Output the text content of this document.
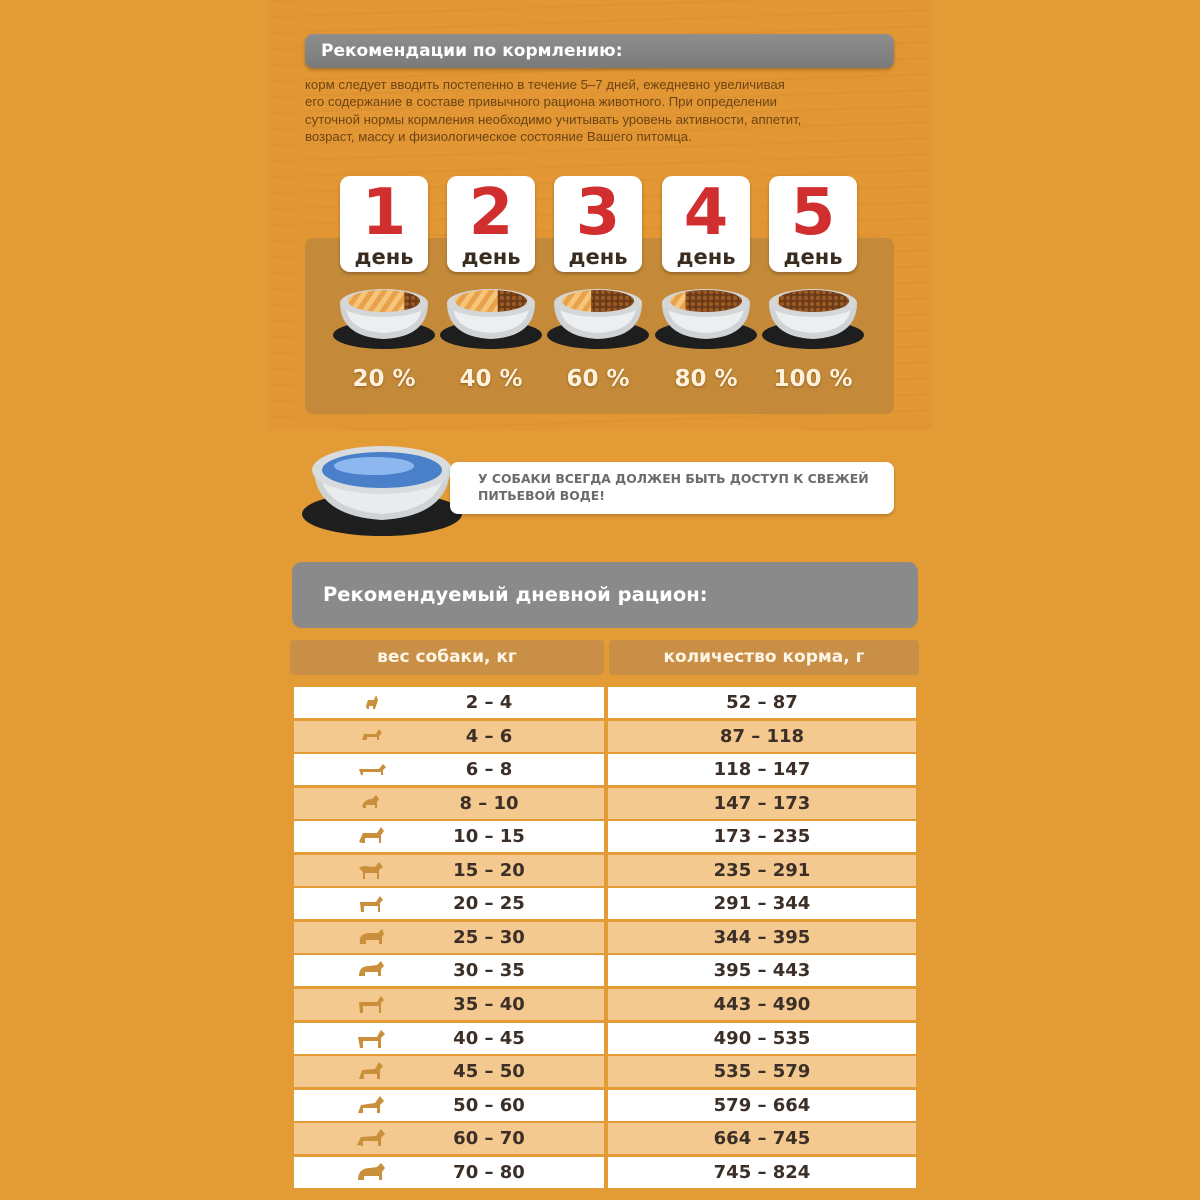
Рекомендации по кормлению:
корм следует вводить постепенно в течение 5–7 дней, ежедневно увеличивая
его содержание в составе привычного рациона животного. При определении
суточной нормы кормления необходимо учитывать уровень активности, аппетит,
возраст, массу и физиологическое состояние Вашего питомца.
1
день
20 %
2
день
40 %
3
день
60 %
4
день
80 %
5
день
100 %
У СОБАКИ ВСЕГДА ДОЛЖЕН БЫТЬ ДОСТУП К СВЕЖЕЙ
ПИТЬЕВОЙ ВОДЕ!
Рекомендуемый дневной рацион:
вес собаки, кг	количество корма, г
2 – 4	52 – 87
4 – 6	87 – 118
6 – 8	118 – 147
8 – 10	147 – 173
10 – 15	173 – 235
15 – 20	235 – 291
20 – 25	291 – 344
25 – 30	344 – 395
30 – 35	395 – 443
35 – 40	443 – 490
40 – 45	490 – 535
45 – 50	535 – 579
50 – 60	579 – 664
60 – 70	664 – 745
70 – 80	745 – 824
